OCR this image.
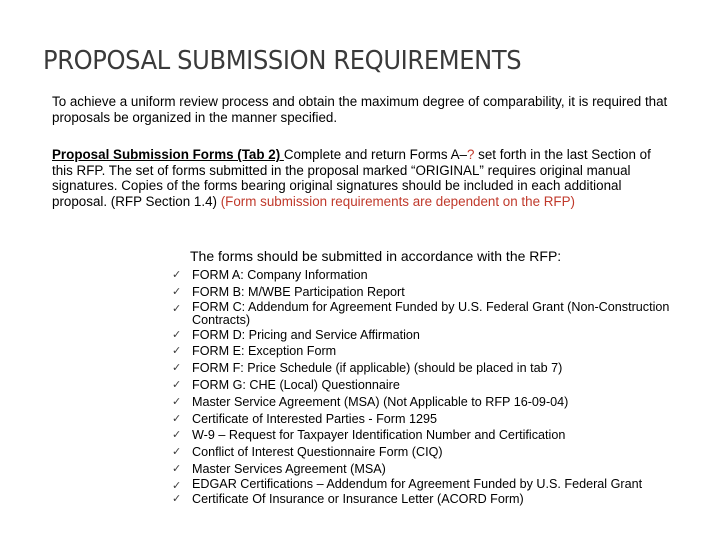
PROPOSAL SUBMISSION REQUIREMENTS

To achieve a uniform review process and obtain the maximum degree of comparability, it is required that proposals be organized in the manner specified.

Proposal Submission Forms (Tab 2) Complete and return Forms A–? set forth in the last Section of this RFP. The set of forms submitted in the proposal marked “ORIGINAL” requires original manual signatures. Copies of the forms bearing original signatures should be included in each additional proposal. (RFP Section 1.4) (Form submission requirements are dependent on the RFP)

The forms should be submitted in accordance with the RFP:
✓ FORM A: Company Information
✓ FORM B: M/WBE Participation Report
✓ FORM C: Addendum for Agreement Funded by U.S. Federal Grant (Non-Construction Contracts)
✓ FORM D: Pricing and Service Affirmation
✓ FORM E: Exception Form
✓ FORM F: Price Schedule (if applicable) (should be placed in tab 7)
✓ FORM G: CHE (Local) Questionnaire
✓ Master Service Agreement (MSA) (Not Applicable to RFP 16-09-04)
✓ Certificate of Interested Parties - Form 1295
✓ W-9 – Request for Taxpayer Identification Number and Certification
✓ Conflict of Interest Questionnaire Form (CIQ)
✓ Master Services Agreement (MSA)
✓ EDGAR Certifications – Addendum for Agreement Funded by U.S. Federal Grant
✓ Certificate Of Insurance or Insurance Letter (ACORD Form)
